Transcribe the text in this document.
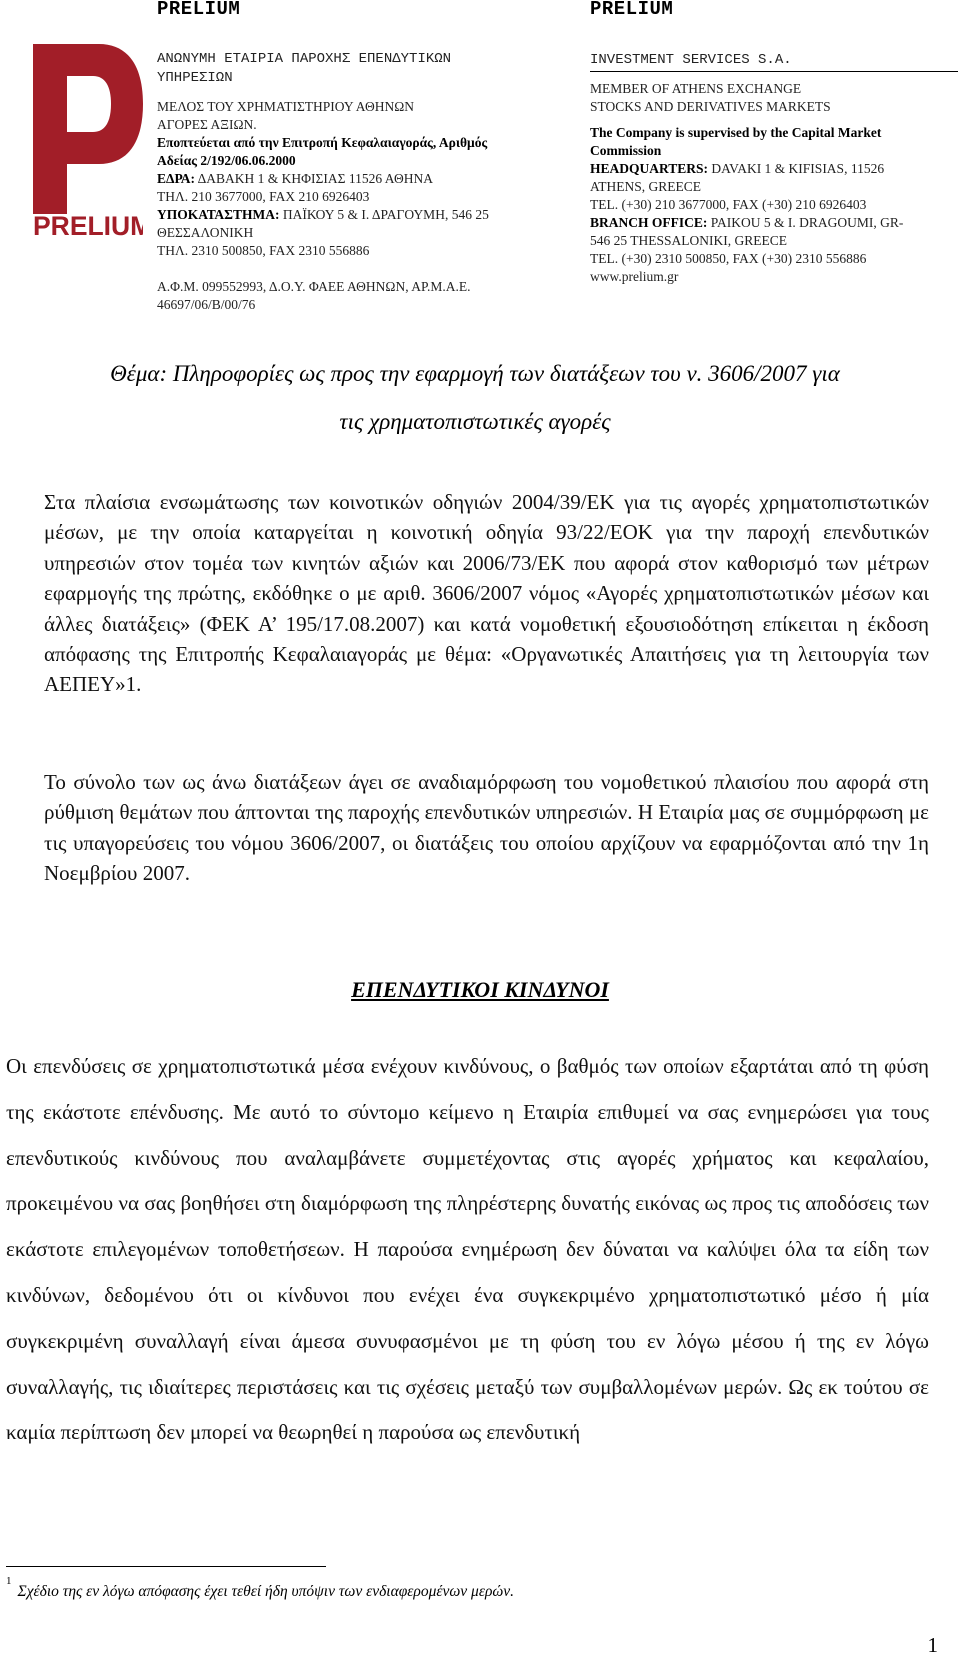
PRELIUM	PRELIUM
PRELIUM
ΑΝΩΝΥΜΗ ΕΤΑΙΡΙΑ ΠΑΡΟΧΗΣ ΕΠΕΝΔΥΤΙΚΩΝ
ΥΠΗΡΕΣΙΩΝ
ΜΕΛΟΣ ΤΟΥ ΧΡΗΜΑΤΙΣΤΗΡΙΟΥ ΑΘΗΝΩΝ
ΑΓΟΡΕΣ ΑΞΙΩΝ.
Εποπτεύεται από την Επιτροπή Κεφαλαιαγοράς, Αριθμός
Αδείας 2/192/06.06.2000
ΕΔΡΑ: ΔΑΒΑΚΗ 1 & ΚΗΦΙΣΙΑΣ 11526 ΑΘΗΝΑ
ΤΗΛ. 210 3677000, FAX 210 6926403
ΥΠΟΚΑΤΑΣΤΗΜΑ: ΠΑΪΚΟΥ 5 & Ι. ΔΡΑΓΟΥΜΗ, 546 25
ΘΕΣΣΑΛΟΝΙΚΗ
ΤΗΛ. 2310 500850, FAX 2310 556886
Α.Φ.Μ. 099552993, Δ.Ο.Υ. ΦΑΕΕ ΑΘΗΝΩΝ, ΑΡ.Μ.Α.Ε.
46697/06/Β/00/76
INVESTMENT SERVICES S.A.
MEMBER OF ATHENS EXCHANGE
STOCKS AND DERIVATIVES MARKETS
The Company is supervised by the Capital Market
Commission
HEADQUARTERS: DAVAKI 1 & KIFISIAS, 11526
ATHENS, GREECE
TEL. (+30) 210 3677000, FAX (+30) 210 6926403
BRANCH OFFICE: PAIKOU 5 & I. DRAGOUMI, GR-
546 25 THESSALONIKI, GREECE
TEL. (+30) 2310 500850, FAX (+30) 2310 556886
www.prelium.gr
Θέμα: Πληροφορίες ως προς την εφαρμογή των διατάξεων του ν. 3606/2007 για
τις χρηματοπιστωτικές αγορές
Στα πλαίσια ενσωμάτωσης των κοινοτικών οδηγιών 2004/39/ΕΚ για τις αγορές χρηματοπιστωτικών μέσων, με την οποία καταργείται η κοινοτική οδηγία 93/22/ΕΟΚ για την παροχή επενδυτικών υπηρεσιών στον τομέα των κινητών αξιών και 2006/73/ΕΚ που αφορά στον καθορισμό των μέτρων εφαρμογής της πρώτης, εκδόθηκε ο με αριθ. 3606/2007 νόμος «Αγορές χρηματοπιστωτικών μέσων και άλλες διατάξεις» (ΦΕΚ Α’ 195/17.08.2007) και κατά νομοθετική εξουσιοδότηση επίκειται η έκδοση απόφασης της Επιτροπής Κεφαλαιαγοράς με θέμα: «Οργανωτικές Απαιτήσεις για τη λειτουργία των ΑΕΠΕΥ»1.
Το σύνολο των ως άνω διατάξεων άγει σε αναδιαμόρφωση του νομοθετικού πλαισίου που αφορά στη ρύθμιση θεμάτων που άπτονται της παροχής επενδυτικών υπηρεσιών. Η Εταιρία μας σε συμμόρφωση με τις υπαγορεύσεις του νόμου 3606/2007, οι διατάξεις του οποίου αρχίζουν να εφαρμόζονται από την 1η Νοεμβρίου 2007.
ΕΠΕΝΔΥΤΙΚΟΙ ΚΙΝΔΥΝΟΙ
Οι επενδύσεις σε χρηματοπιστωτικά μέσα ενέχουν κινδύνους, ο βαθμός των οποίων εξαρτάται από τη φύση της εκάστοτε επένδυσης. Με αυτό το σύντομο κείμενο η Εταιρία επιθυμεί να σας ενημερώσει για τους επενδυτικούς κινδύνους που αναλαμβάνετε συμμετέχοντας στις αγορές χρήματος και κεφαλαίου, προκειμένου να σας βοηθήσει στη διαμόρφωση της πληρέστερης δυνατής εικόνας ως προς τις αποδόσεις των εκάστοτε επιλεγομένων τοποθετήσεων. Η παρούσα ενημέρωση δεν δύναται να καλύψει όλα τα είδη των κινδύνων, δεδομένου ότι οι κίνδυνοι που ενέχει ένα συγκεκριμένο χρηματοπιστωτικό μέσο ή μία συγκεκριμένη συναλλαγή είναι άμεσα συνυφασμένοι με τη φύση του εν λόγω μέσου ή της εν λόγω συναλλαγής, τις ιδιαίτερες περιστάσεις και τις σχέσεις μεταξύ των συμβαλλομένων μερών. Ως εκ τούτου σε καμία περίπτωση δεν μπορεί να θεωρηθεί η παρούσα ως επενδυτική
$^1$Σχέδιο της εν λόγω απόφασης έχει τεθεί ήδη υπόψιν των ενδιαφερομένων μερών.
1
